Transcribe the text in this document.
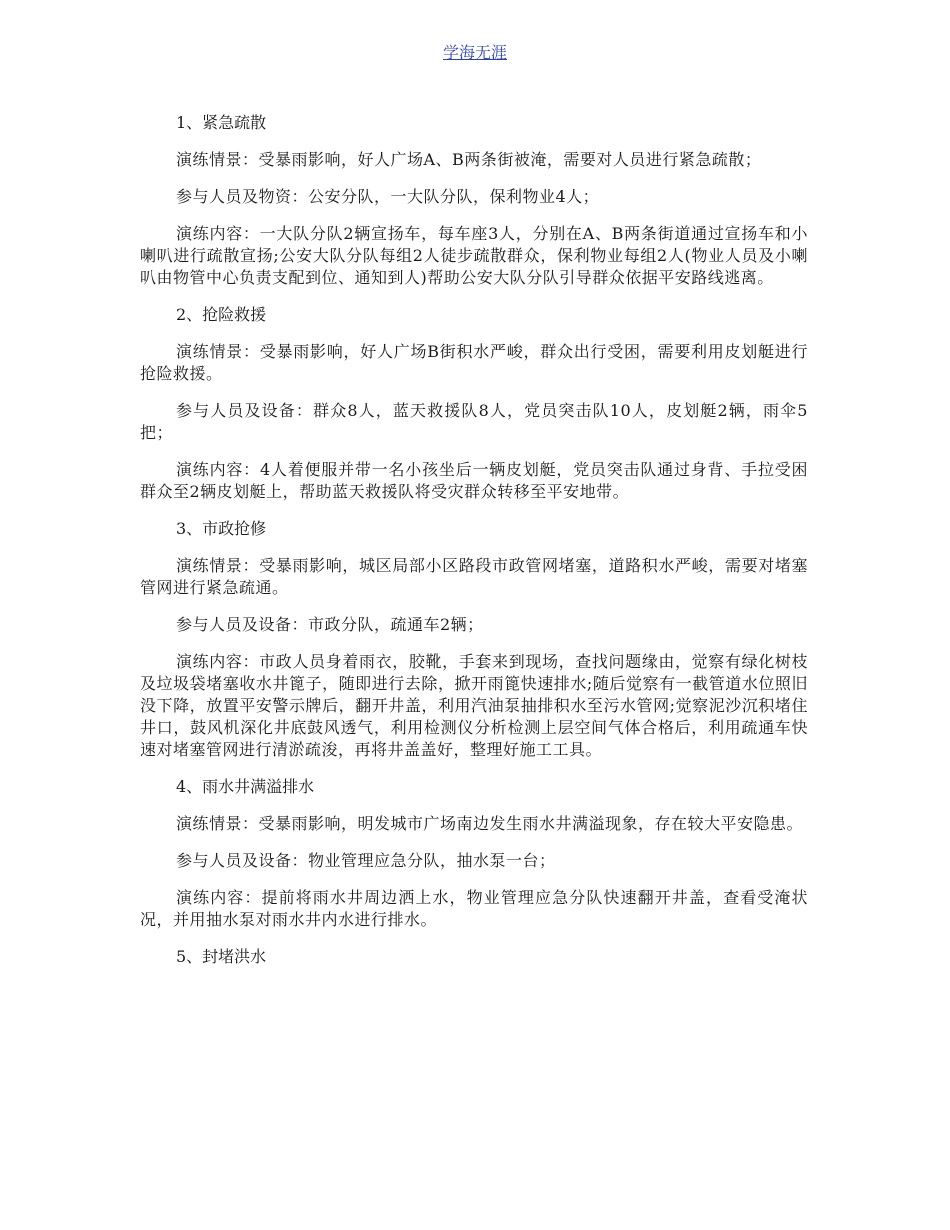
学海无涯

1、紧急疏散

演练情景：受暴雨影响，好人广场A、B两条街被淹，需要对人员进行紧急疏散；

参与人员及物资：公安分队，一大队分队，保利物业4人；

演练内容：一大队分队2辆宣扬车，每车座3人，分别在A、B两条街道通过宣扬车和小喇叭进行疏散宣扬;公安大队分队每组2人徒步疏散群众，保利物业每组2人(物业人员及小喇叭由物管中心负责支配到位、通知到人)帮助公安大队分队引导群众依据平安路线逃离。

2、抢险救援

演练情景：受暴雨影响，好人广场B街积水严峻，群众出行受困，需要利用皮划艇进行抢险救援。

参与人员及设备：群众8人，蓝天救援队8人，党员突击队10人，皮划艇2辆，雨伞5把；

演练内容：4人着便服并带一名小孩坐后一辆皮划艇，党员突击队通过身背、手拉受困群众至2辆皮划艇上，帮助蓝天救援队将受灾群众转移至平安地带。

3、市政抢修

演练情景：受暴雨影响，城区局部小区路段市政管网堵塞，道路积水严峻，需要对堵塞管网进行紧急疏通。

参与人员及设备：市政分队，疏通车2辆；

演练内容：市政人员身着雨衣，胶靴，手套来到现场，查找问题缘由，觉察有绿化树枝及垃圾袋堵塞收水井篦子，随即进行去除，掀开雨篦快速排水;随后觉察有一截管道水位照旧没下降，放置平安警示牌后，翻开井盖，利用汽油泵抽排积水至污水管网;觉察泥沙沉积堵住井口，鼓风机深化井底鼓风透气，利用检测仪分析检测上层空间气体合格后，利用疏通车快速对堵塞管网进行清淤疏浚，再将井盖盖好，整理好施工工具。

4、雨水井满溢排水

演练情景：受暴雨影响，明发城市广场南边发生雨水井满溢现象，存在较大平安隐患。

参与人员及设备：物业管理应急分队，抽水泵一台；

演练内容：提前将雨水井周边洒上水，物业管理应急分队快速翻开井盖，查看受淹状况，并用抽水泵对雨水井内水进行排水。

5、封堵洪水
